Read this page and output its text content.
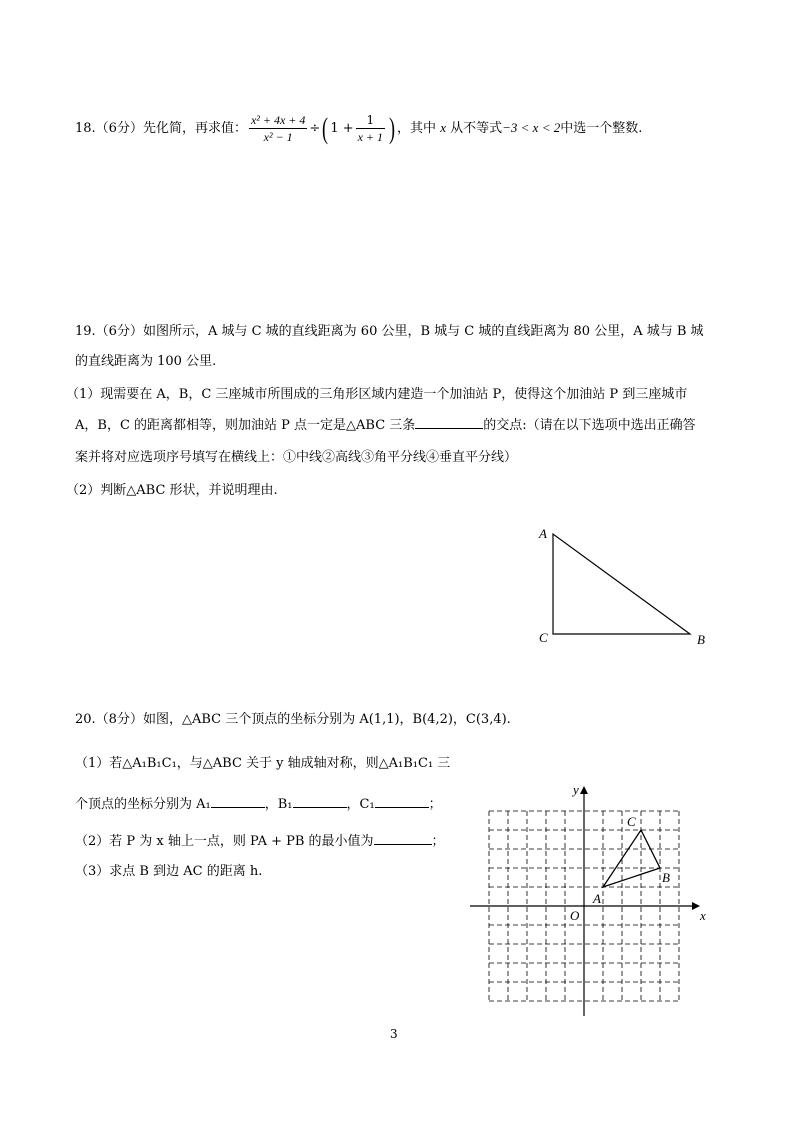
18.（6分）先化简，再求值： $\frac{\text{x² + 4x + 4}}{\text{x² − 1}}$ ÷( $1 + \frac{1}{x + 1}$ ) ，其中 x 从不等式−3 < x < 2中选一个整数.
19.（6分）如图所示，A 城与 C 城的直线距离为 60 公里，B 城与 C 城的直线距离为 80 公里，A 城与 B 城
的直线距离为 100 公里.
（1）现需要在 A，B，C 三座城市所围成的三角形区域内建造一个加油站 P，使得这个加油站 P 到三座城市
A，B，C 的距离都相等，则加油站 P 点一定是△ABC 三条	的交点:（请在以下选项中选出正确答
案并将对应选项序号填写在横线上：①中线②高线③角平分线④垂直平分线）
（2）判断△ABC 形状，并说明理由.
A
C	B
20.（8分）如图，△ABC 三个顶点的坐标分别为 A(1,1)，B(4,2)，C(3,4).
（1）若△A₁B₁C₁，与△ABC 关于 y 轴成轴对称，则△A₁B₁C₁ 三
个顶点的坐标分别为 A₁	，B₁	，C₁	；
（2）若 P 为 x 轴上一点，则 PA + PB 的最小值为	；
（3）求点 B 到边 AC 的距离 h.
x
y
O
A
B
C
3
